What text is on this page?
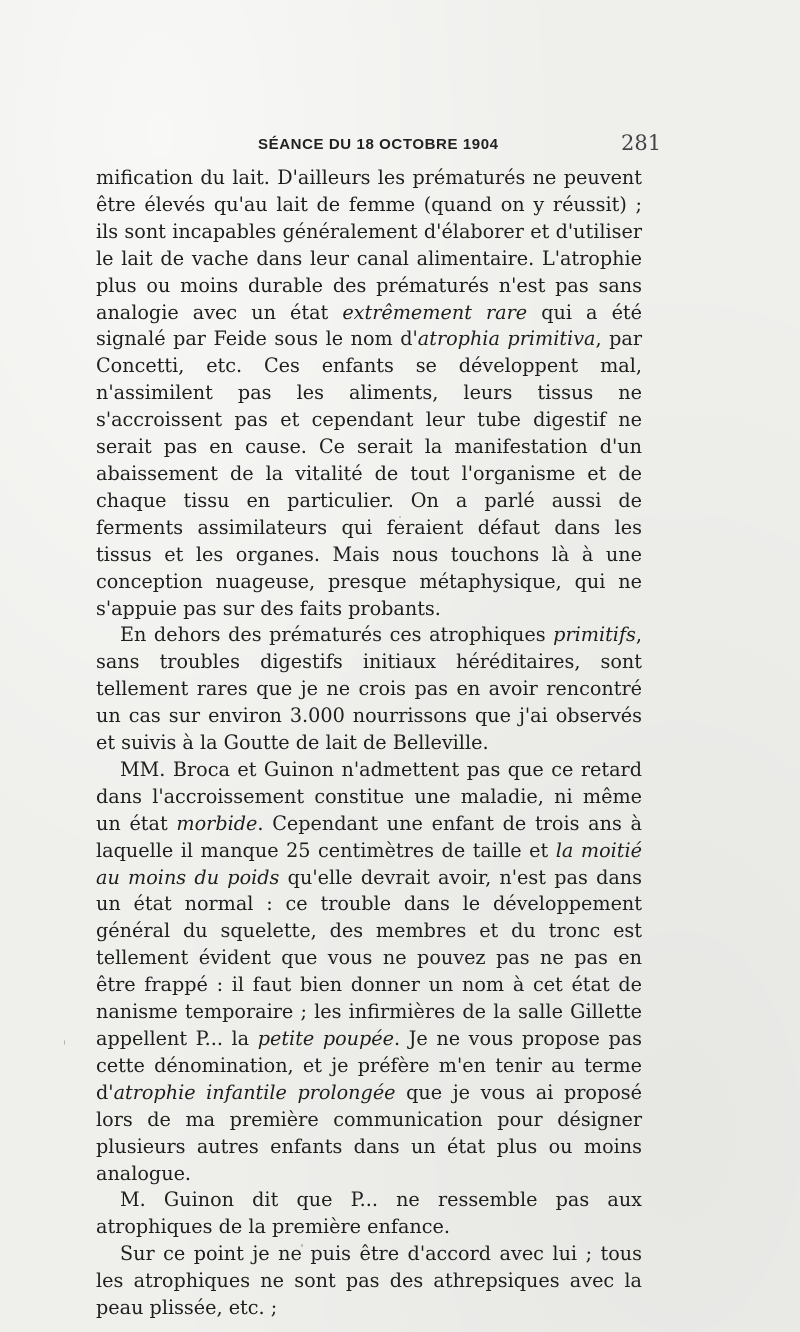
SÉANCE DU 18 OCTOBRE 1904	281

mification du lait. D'ailleurs les prématurés ne peuvent être élevés qu'au lait de femme (quand on y réussit) ; ils sont incapables généralement d'élaborer et d'utiliser le lait de vache dans leur canal alimentaire. L'atrophie plus ou moins durable des prématurés n'est pas sans analogie avec un état extrêmement rare qui a été signalé par Feide sous le nom d'atrophia primitiva, par Concetti, etc. Ces enfants se développent mal, n'assimilent pas les aliments, leurs tissus ne s'accroissent pas et cependant leur tube digestif ne serait pas en cause. Ce serait la manifestation d'un abaissement de la vitalité de tout l'organisme et de chaque tissu en particulier. On a parlé aussi de ferments assimilateurs qui feraient défaut dans les tissus et les organes. Mais nous touchons là à une conception nuageuse, presque métaphysique, qui ne s'appuie pas sur des faits probants.

En dehors des prématurés ces atrophiques primitifs, sans troubles digestifs initiaux héréditaires, sont tellement rares que je ne crois pas en avoir rencontré un cas sur environ 3.000 nourrissons que j'ai observés et suivis à la Goutte de lait de Belleville.

MM. Broca et Guinon n'admettent pas que ce retard dans l'accroissement constitue une maladie, ni même un état morbide. Cependant une enfant de trois ans à laquelle il manque 25 centimètres de taille et la moitié au moins du poids qu'elle devrait avoir, n'est pas dans un état normal : ce trouble dans le développement général du squelette, des membres et du tronc est tellement évident que vous ne pouvez pas ne pas en être frappé : il faut bien donner un nom à cet état de nanisme temporaire ; les infirmières de la salle Gillette appellent P... la petite poupée. Je ne vous propose pas cette dénomination, et je préfère m'en tenir au terme d'atrophie infantile prolongée que je vous ai proposé lors de ma première communication pour désigner plusieurs autres enfants dans un état plus ou moins analogue.

M. Guinon dit que P... ne ressemble pas aux atrophiques de la première enfance.

Sur ce point je ne puis être d'accord avec lui ; tous les atrophiques ne sont pas des athrepsiques avec la peau plissée, etc. ;
